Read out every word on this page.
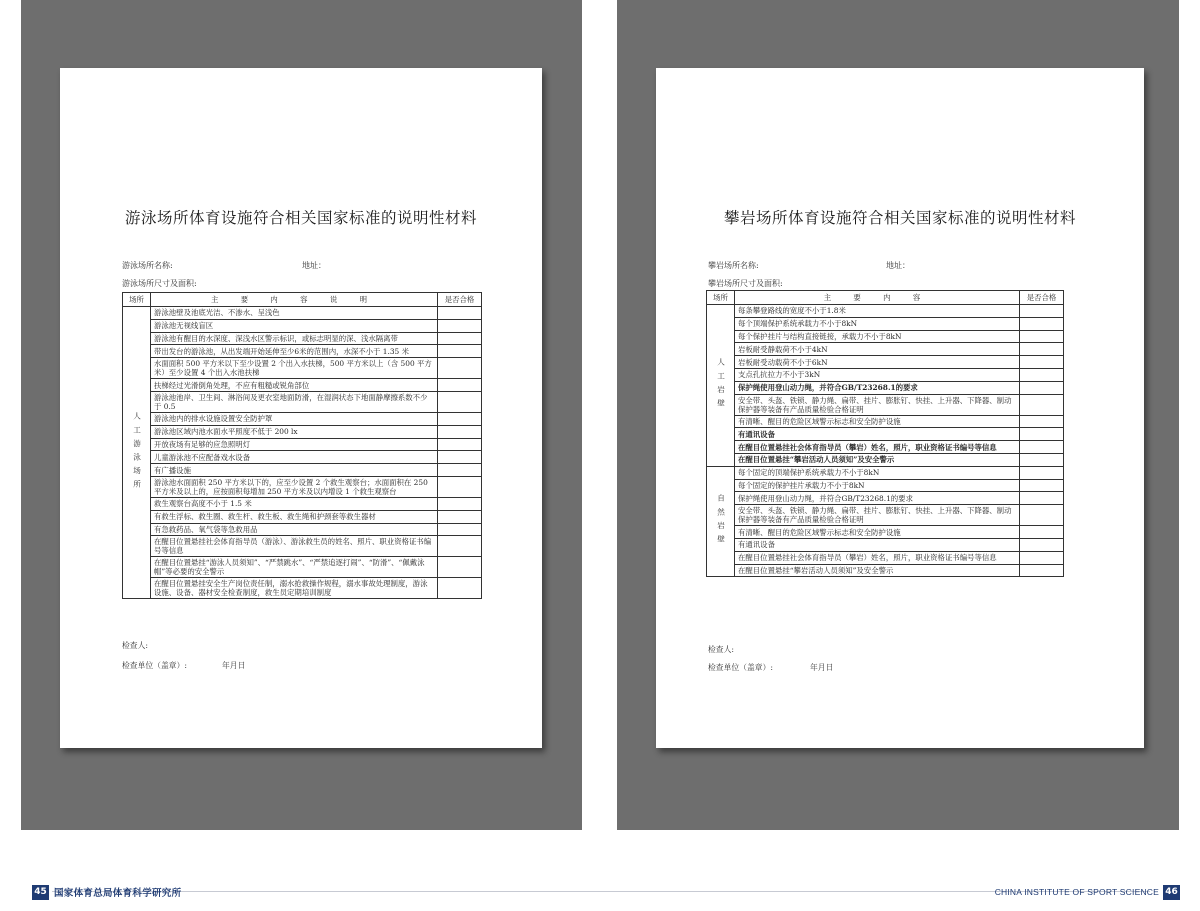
游泳场所体育设施符合相关国家标准的说明性材料
游泳场所名称:	地址：
游泳场所尺寸及面积:
场所	主 要 内 容 说 明	是否合格
人工游泳场所	游泳池壁及池底光洁、不渗水、呈浅色	
	游泳池无视线盲区	
	游泳池有醒目的水深度、深浅水区警示标识，或标志明显的深、浅水隔离带	
	带出发台的游泳池，从出发端开始延伸至少6米的范围内，水深不小于 1.35 米	
	水面面积 500 平方米以下至少设置 2 个出入水扶梯，500 平方米以上（含 500 平方米）至少设置 4 个出入水池扶梯	
	扶梯经过光滑倒角处理，不应有粗糙或锐角部位	
	游泳池池岸、卫生间、淋浴间及更衣室地面防滑，在湿润状态下地面静摩擦系数不少于 0.5	
	游泳池内的排水设施设置安全防护罩	
	游泳池区域内池水面水平照度不低于 200 lx	
	开放夜场有足够的应急照明灯	
	儿童游泳池不应配备戏水设备	
	有广播设施	
	游泳池水面面积 250 平方米以下的，应至少设置 2 个救生观察台；水面面积在 250 平方米及以上的，应按面积每增加 250 平方米及以内增设 1 个救生观察台	
	救生观察台高度不小于 1.5 米	
	有救生浮标、救生圈、救生杆、救生板、救生绳和护颈套等救生器材	
	有急救药品、氧气袋等急救用品	
	在醒目位置悬挂社会体育指导员（游泳）、游泳救生员的姓名、照片、职业资格证书编号等信息	
	在醒目位置悬挂“游泳人员须知”、“严禁跳水”、“严禁追逐打闹”、“防滑”、“佩戴泳帽”等必要的安全警示	
	在醒目位置悬挂安全生产岗位责任制，溺水抢救操作规程，溺水事故处理制度，游泳设施、设备、器材安全检查制度，救生员定期培训制度	
检查人:
检查单位（盖章）:	年月日
攀岩场所体育设施符合相关国家标准的说明性材料
攀岩场所名称:	地址：
攀岩场所尺寸及面积:
场所	主 要 内 容	是否合格
人工岩壁	每条攀登路线的宽度不小于1.8米	
	每个顶端保护系统承载力不小于8kN	
	每个保护挂片与结构直接链接，承载力不小于8kN	
	岩板耐受静载荷不小于4kN	
	岩板耐受动载荷不小于6kN	
	支点孔抗拉力不小于3kN	
	保护绳使用登山动力绳，并符合GB/T23268.1的要求	
	安全带、头盔、铁锁、静力绳、扁带、挂片、膨胀钉、快挂、上升器、下降器、制动保护器等装备有产品质量检验合格证明	
	有清晰、醒目的危险区域警示标志和安全防护设施	
	有通讯设备	
	在醒目位置悬挂社会体育指导员（攀岩）姓名，照片，职业资格证书编号等信息	
	在醒目位置悬挂“攀岩活动人员须知”及安全警示	
自然岩壁	每个固定的顶端保护系统承载力不小于8kN	
	每个固定的保护挂片承载力不小于8kN	
	保护绳使用登山动力绳，并符合GB/T23268.1的要求	
	安全带、头盔、铁锁、静力绳、扁带、挂片、膨胀钉、快挂、上升器、下降器、制动保护器等装备有产品质量检验合格证明	
	有清晰、醒目的危险区域警示标志和安全防护设施	
	有通讯设备	
	在醒目位置悬挂社会体育指导员（攀岩）姓名，照片，职业资格证书编号等信息	
	在醒目位置悬挂“攀岩活动人员须知”及安全警示	
检查人:
检查单位（盖章）:	年月日
45 国家体育总局体育科学研究所	CHINA INSTITUTE OF SPORT SCIENCE 46
